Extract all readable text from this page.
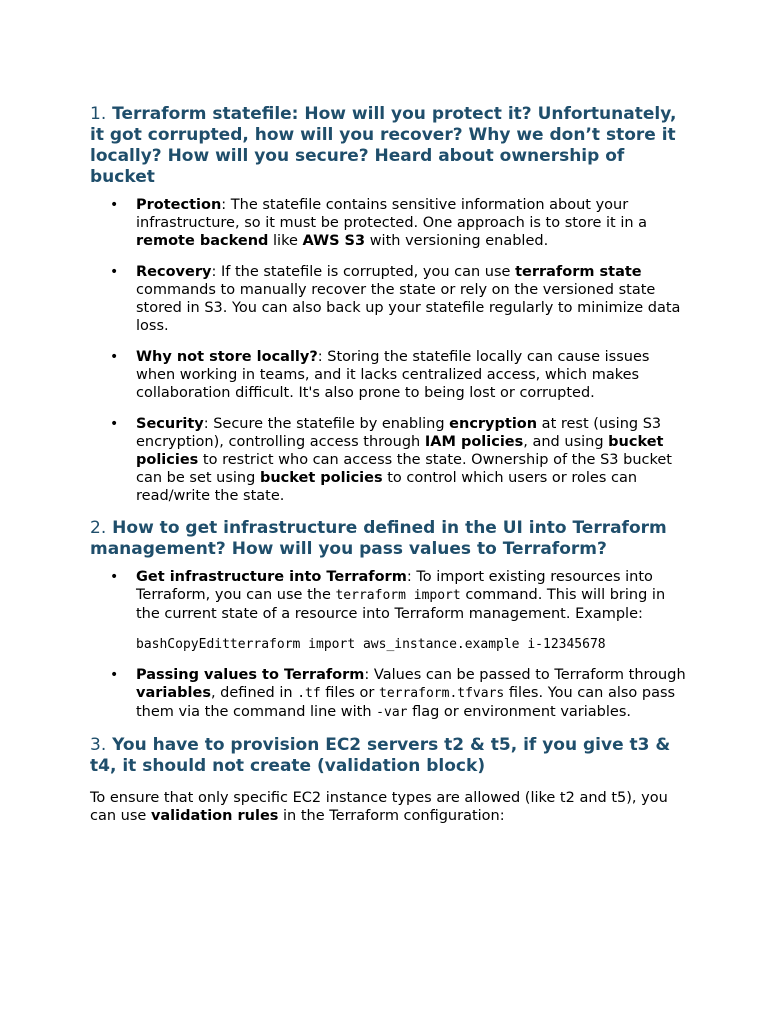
1. Terraform statefile: How will you protect it? Unfortunately, it got corrupted, how will you recover? Why we don’t store it locally? How will you secure? Heard about ownership of bucket
• Protection: The statefile contains sensitive information about your infrastructure, so it must be protected. One approach is to store it in a remote backend like AWS S3 with versioning enabled.
• Recovery: If the statefile is corrupted, you can use terraform state commands to manually recover the state or rely on the versioned state stored in S3. You can also back up your statefile regularly to minimize data loss.
• Why not store locally?: Storing the statefile locally can cause issues when working in teams, and it lacks centralized access, which makes collaboration difficult. It's also prone to being lost or corrupted.
• Security: Secure the statefile by enabling encryption at rest (using S3 encryption), controlling access through IAM policies, and using bucket policies to restrict who can access the state. Ownership of the S3 bucket can be set using bucket policies to control which users or roles can read/write the state.
2. How to get infrastructure defined in the UI into Terraform management? How will you pass values to Terraform?
• Get infrastructure into Terraform: To import existing resources into Terraform, you can use the terraform import command. This will bring in the current state of a resource into Terraform management. Example:
bashCopyEditterraform import aws_instance.example i-12345678
• Passing values to Terraform: Values can be passed to Terraform through variables, defined in .tf files or terraform.tfvars files. You can also pass them via the command line with -var flag or environment variables.
3. You have to provision EC2 servers t2 & t5, if you give t3 & t4, it should not create (validation block)

To ensure that only specific EC2 instance types are allowed (like t2 and t5), you can use validation rules in the Terraform configuration:
